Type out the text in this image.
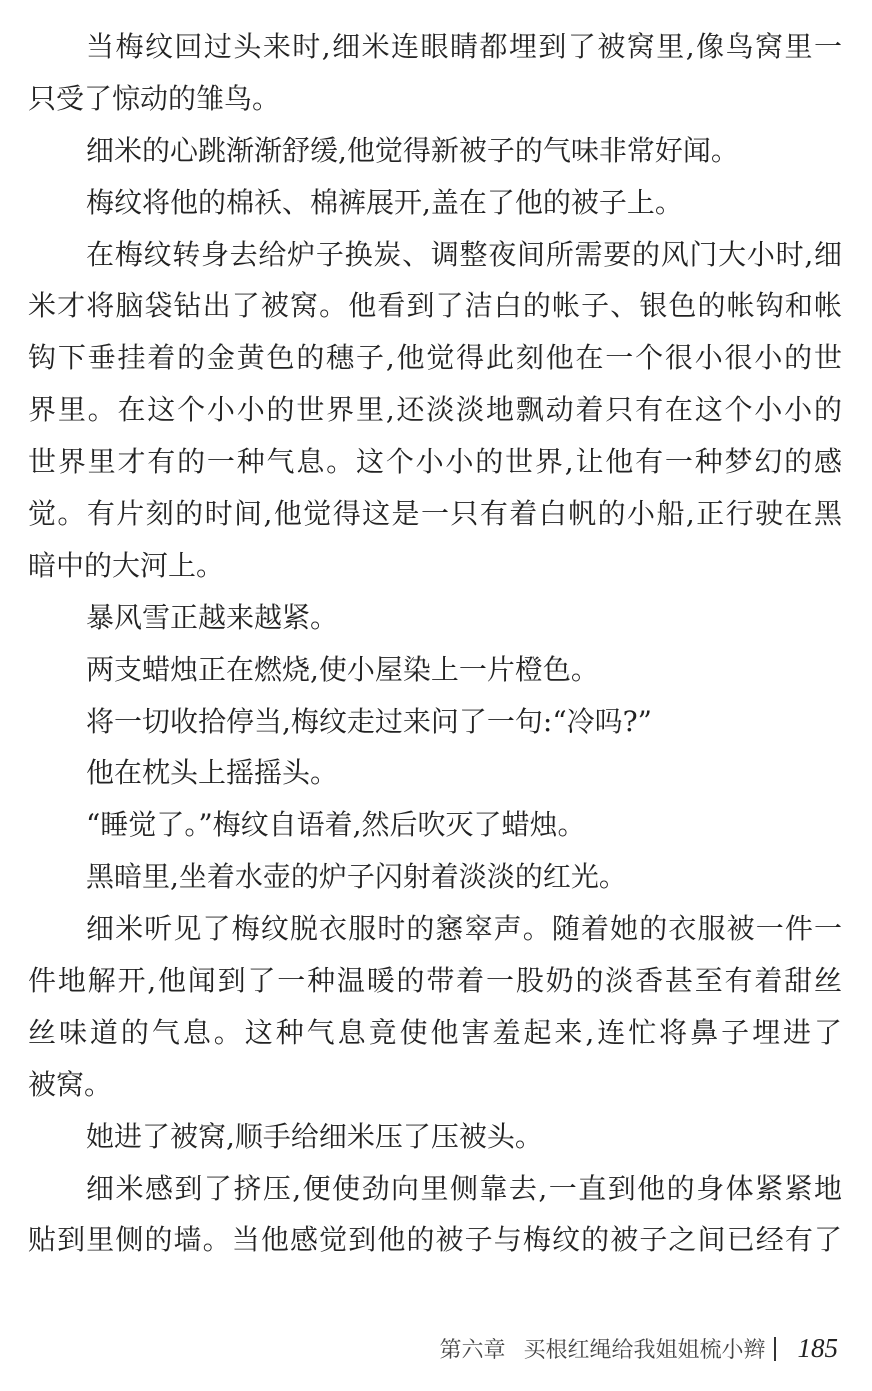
当梅纹回过头来时,细米连眼睛都埋到了被窝里,像鸟窝里一
只受了惊动的雏鸟。
细米的心跳渐渐舒缓,他觉得新被子的气味非常好闻。
梅纹将他的棉袄、棉裤展开,盖在了他的被子上。
在梅纹转身去给炉子换炭、调整夜间所需要的风门大小时,细
米才将脑袋钻出了被窝。他看到了洁白的帐子、银色的帐钩和帐
钩下垂挂着的金黄色的穗子,他觉得此刻他在一个很小很小的世
界里。在这个小小的世界里,还淡淡地飘动着只有在这个小小的
世界里才有的一种气息。这个小小的世界,让他有一种梦幻的感
觉。有片刻的时间,他觉得这是一只有着白帆的小船,正行驶在黑
暗中的大河上。
暴风雪正越来越紧。
两支蜡烛正在燃烧,使小屋染上一片橙色。
将一切收拾停当,梅纹走过来问了一句:“冷吗?”
他在枕头上摇摇头。
“睡觉了。”梅纹自语着,然后吹灭了蜡烛。
黑暗里,坐着水壶的炉子闪射着淡淡的红光。
细米听见了梅纹脱衣服时的窸窣声。随着她的衣服被一件一
件地解开,他闻到了一种温暖的带着一股奶的淡香甚至有着甜丝
丝味道的气息。这种气息竟使他害羞起来,连忙将鼻子埋进了
被窝。
她进了被窝,顺手给细米压了压被头。
细米感到了挤压,便使劲向里侧靠去,一直到他的身体紧紧地
贴到里侧的墙。当他感觉到他的被子与梅纹的被子之间已经有了
第六章 买根红绳给我姐姐梳小辫 185
